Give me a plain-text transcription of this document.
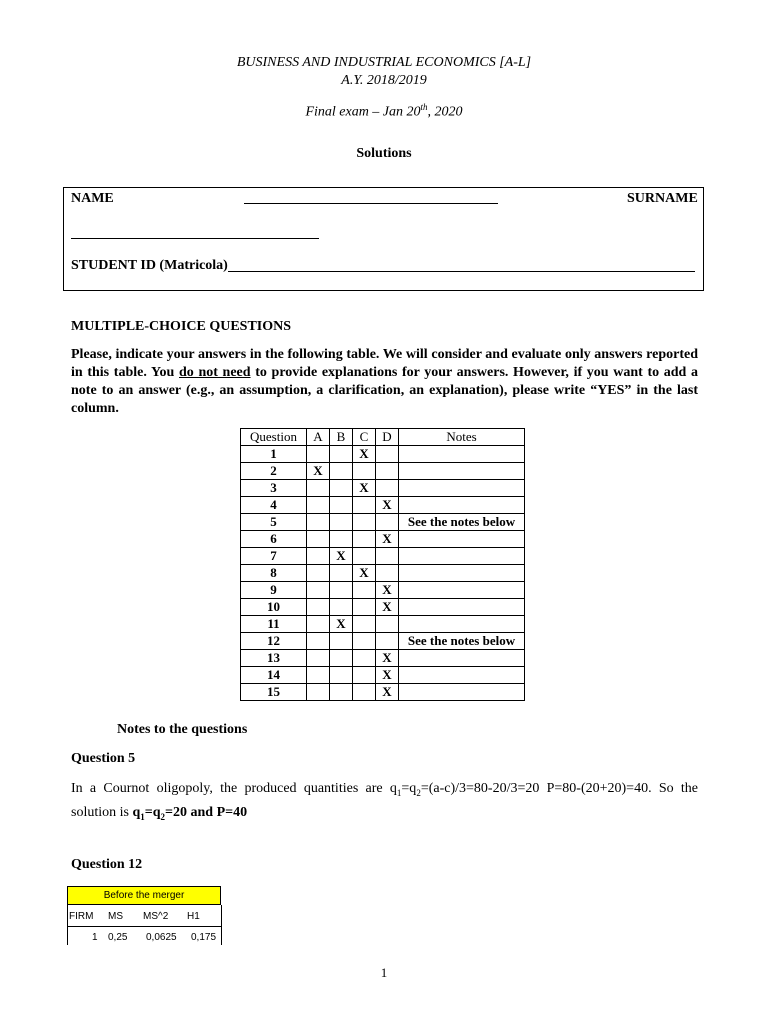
BUSINESS AND INDUSTRIAL ECONOMICS [A-L]
A.Y. 2018/2019
Final exam – Jan 20th, 2020
Solutions
NAME	SURNAME
STUDENT ID (Matricola)
MULTIPLE-CHOICE QUESTIONS
Please, indicate your answers in the following table. We will consider and evaluate only answers reported in this table. You do not need to provide explanations for your answers. However, if you want to add a note to an answer (e.g., an assumption, a clarification, an explanation), please write “YES” in the last column.
Question	A	B	C	D	Notes
1			X		
2	X				
3			X		
4				X	
5					See the notes below
6				X	
7		X			
8			X		
9				X	
10				X	
11		X			
12					See the notes below
13				X	
14				X	
15				X	
Notes to the questions
Question 5
In a Cournot oligopoly, the produced quantities are $q_1=q_2=(a-c)/3=80-20/3=20$ P=80-(20+20)=40. So the solution is $q_1=q_2=20$ and P=40
Question 12
Before the merger
FIRM MS MS^2 H1
1 0,25 0,0625 0,175
1
